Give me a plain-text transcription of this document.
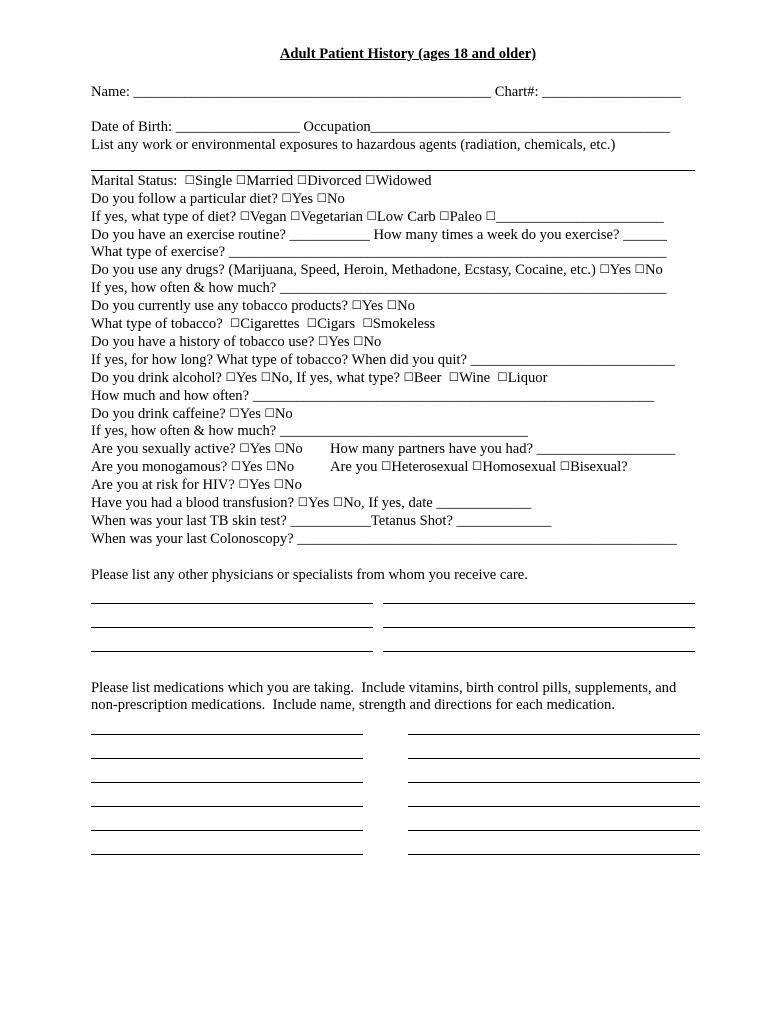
Adult Patient History (ages 18 and older)
Name: _________________________________________________ Chart#: ___________________
Date of Birth: _________________ Occupation_________________________________________
List any work or environmental exposures to hazardous agents (radiation, chemicals, etc.)
Marital Status:  ☐Single ☐Married ☐Divorced ☐Widowed
Do you follow a particular diet? ☐Yes ☐No
If yes, what type of diet? ☐Vegan ☐Vegetarian ☐Low Carb ☐Paleo ☐_______________________
Do you have an exercise routine? ___________ How many times a week do you exercise? ______
What type of exercise? ____________________________________________________________
Do you use any drugs? (Marijuana, Speed, Heroin, Methadone, Ecstasy, Cocaine, etc.) ☐Yes ☐No
If yes, how often & how much? _____________________________________________________
Do you currently use any tobacco products? ☐Yes ☐No
What type of tobacco?  ☐Cigarettes  ☐Cigars  ☐Smokeless
Do you have a history of tobacco use? ☐Yes ☐No
If yes, for how long? What type of tobacco? When did you quit? ____________________________
Do you drink alcohol? ☐Yes ☐No, If yes, what type? ☐Beer  ☐Wine  ☐Liquor
How much and how often? _______________________________________________________
Do you drink caffeine? ☐Yes ☐No
If yes, how often & how much? __________________________________
Are you sexually active? ☐Yes ☐No How many partners have you had? ___________________
Are you monogamous? ☐Yes ☐No Are you ☐Heterosexual ☐Homosexual ☐Bisexual?
Are you at risk for HIV? ☐Yes ☐No
Have you had a blood transfusion? ☐Yes ☐No, If yes, date _____________
When was your last TB skin test? ___________Tetanus Shot? _____________
When was your last Colonoscopy? ____________________________________________________
Please list any other physicians or specialists from whom you receive care.
Please list medications which you are taking.  Include vitamins, birth control pills, supplements, and
non-prescription medications.  Include name, strength and directions for each medication.
